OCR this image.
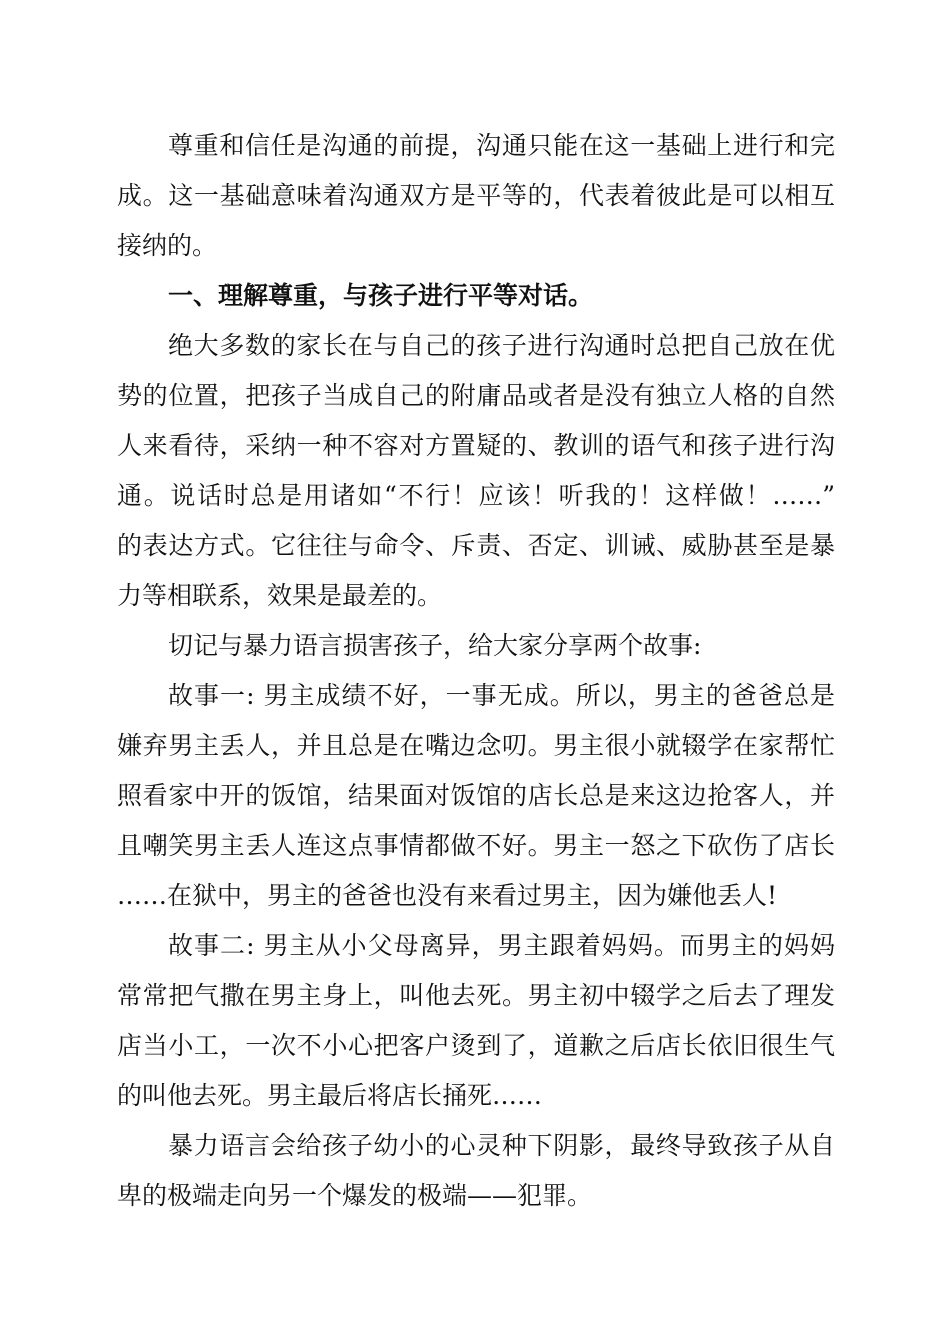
尊重和信任是沟通的前提，沟通只能在这一基础上进行和完
成。这一基础意味着沟通双方是平等的，代表着彼此是可以相互
接纳的。
一、理解尊重，与孩子进行平等对话。
绝大多数的家长在与自己的孩子进行沟通时总把自己放在优
势的位置，把孩子当成自己的附庸品或者是没有独立人格的自然
人来看待，采纳一种不容对方置疑的、教训的语气和孩子进行沟
通。说话时总是用诸如“不行！应该！听我的！这样做！……”
的表达方式。它往往与命令、斥责、否定、训诫、威胁甚至是暴
力等相联系，效果是最差的。
切记与暴力语言损害孩子，给大家分享两个故事:
故事一: 男主成绩不好，一事无成。所以，男主的爸爸总是
嫌弃男主丢人，并且总是在嘴边念叨。男主很小就辍学在家帮忙
照看家中开的饭馆，结果面对饭馆的店长总是来这边抢客人，并
且嘲笑男主丢人连这点事情都做不好。男主一怒之下砍伤了店长
……在狱中，男主的爸爸也没有来看过男主，因为嫌他丢人!
故事二: 男主从小父母离异，男主跟着妈妈。而男主的妈妈
常常把气撒在男主身上，叫他去死。男主初中辍学之后去了理发
店当小工，一次不小心把客户烫到了，道歉之后店长依旧很生气
的叫他去死。男主最后将店长捅死……
暴力语言会给孩子幼小的心灵种下阴影，最终导致孩子从自
卑的极端走向另一个爆发的极端——犯罪。
